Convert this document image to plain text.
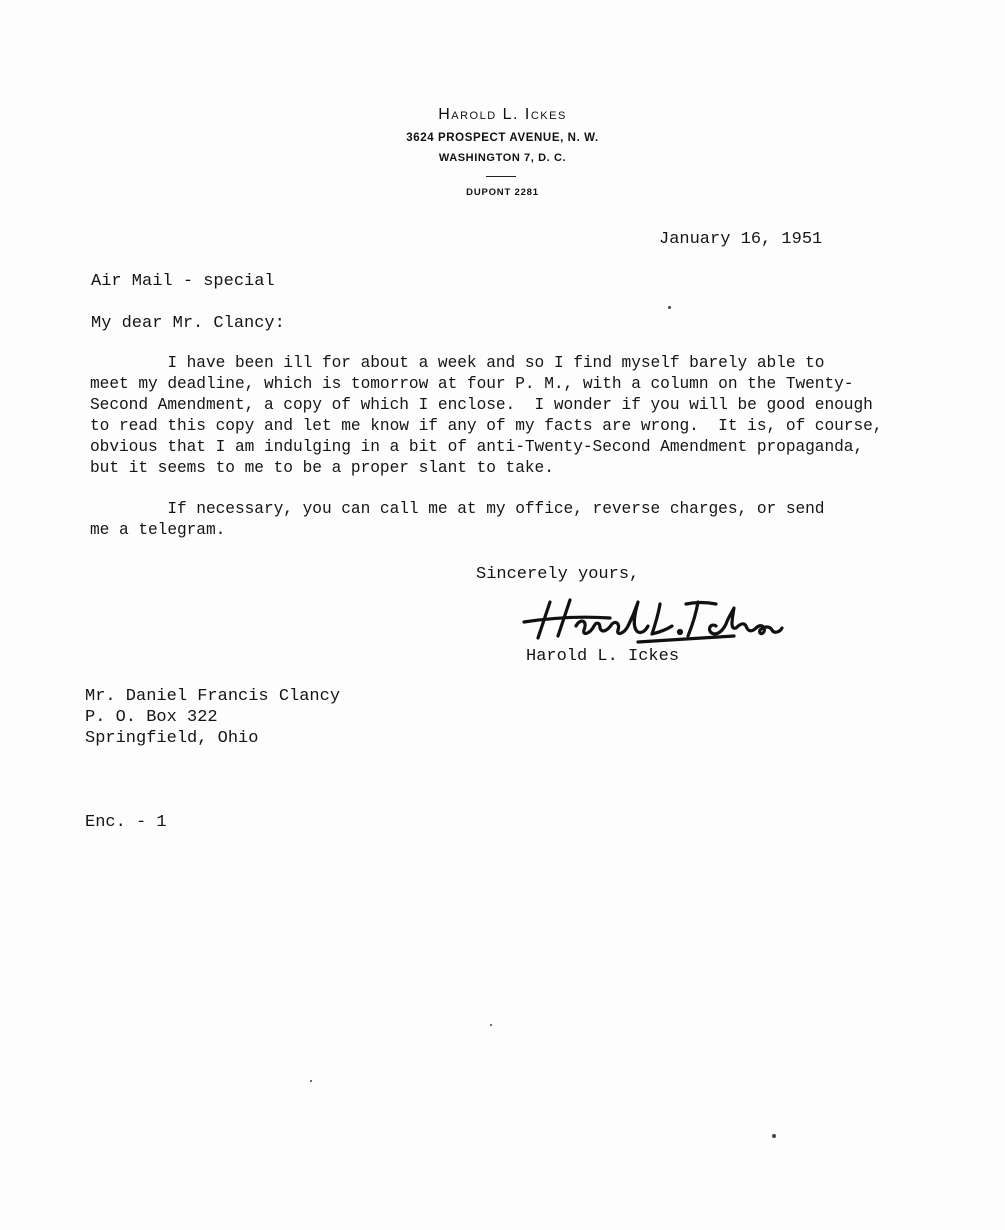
Harold L. Ickes
3624 PROSPECT AVENUE, N. W.
WASHINGTON 7, D. C.
DUPONT 2281
January 16, 1951
Air Mail - special
My dear Mr. Clancy:
I have been ill for about a week and so I find myself barely able to
meet my deadline, which is tomorrow at four P. M., with a column on the Twenty-
Second Amendment, a copy of which I enclose.  I wonder if you will be good enough
to read this copy and let me know if any of my facts are wrong.  It is, of course,
obvious that I am indulging in a bit of anti-Twenty-Second Amendment propaganda,
but it seems to me to be a proper slant to take.
If necessary, you can call me at my office, reverse charges, or send
me a telegram.
Sincerely yours,
Harold L. Ickes
Mr. Daniel Francis Clancy
P. O. Box 322
Springfield, Ohio
Enc. - 1
